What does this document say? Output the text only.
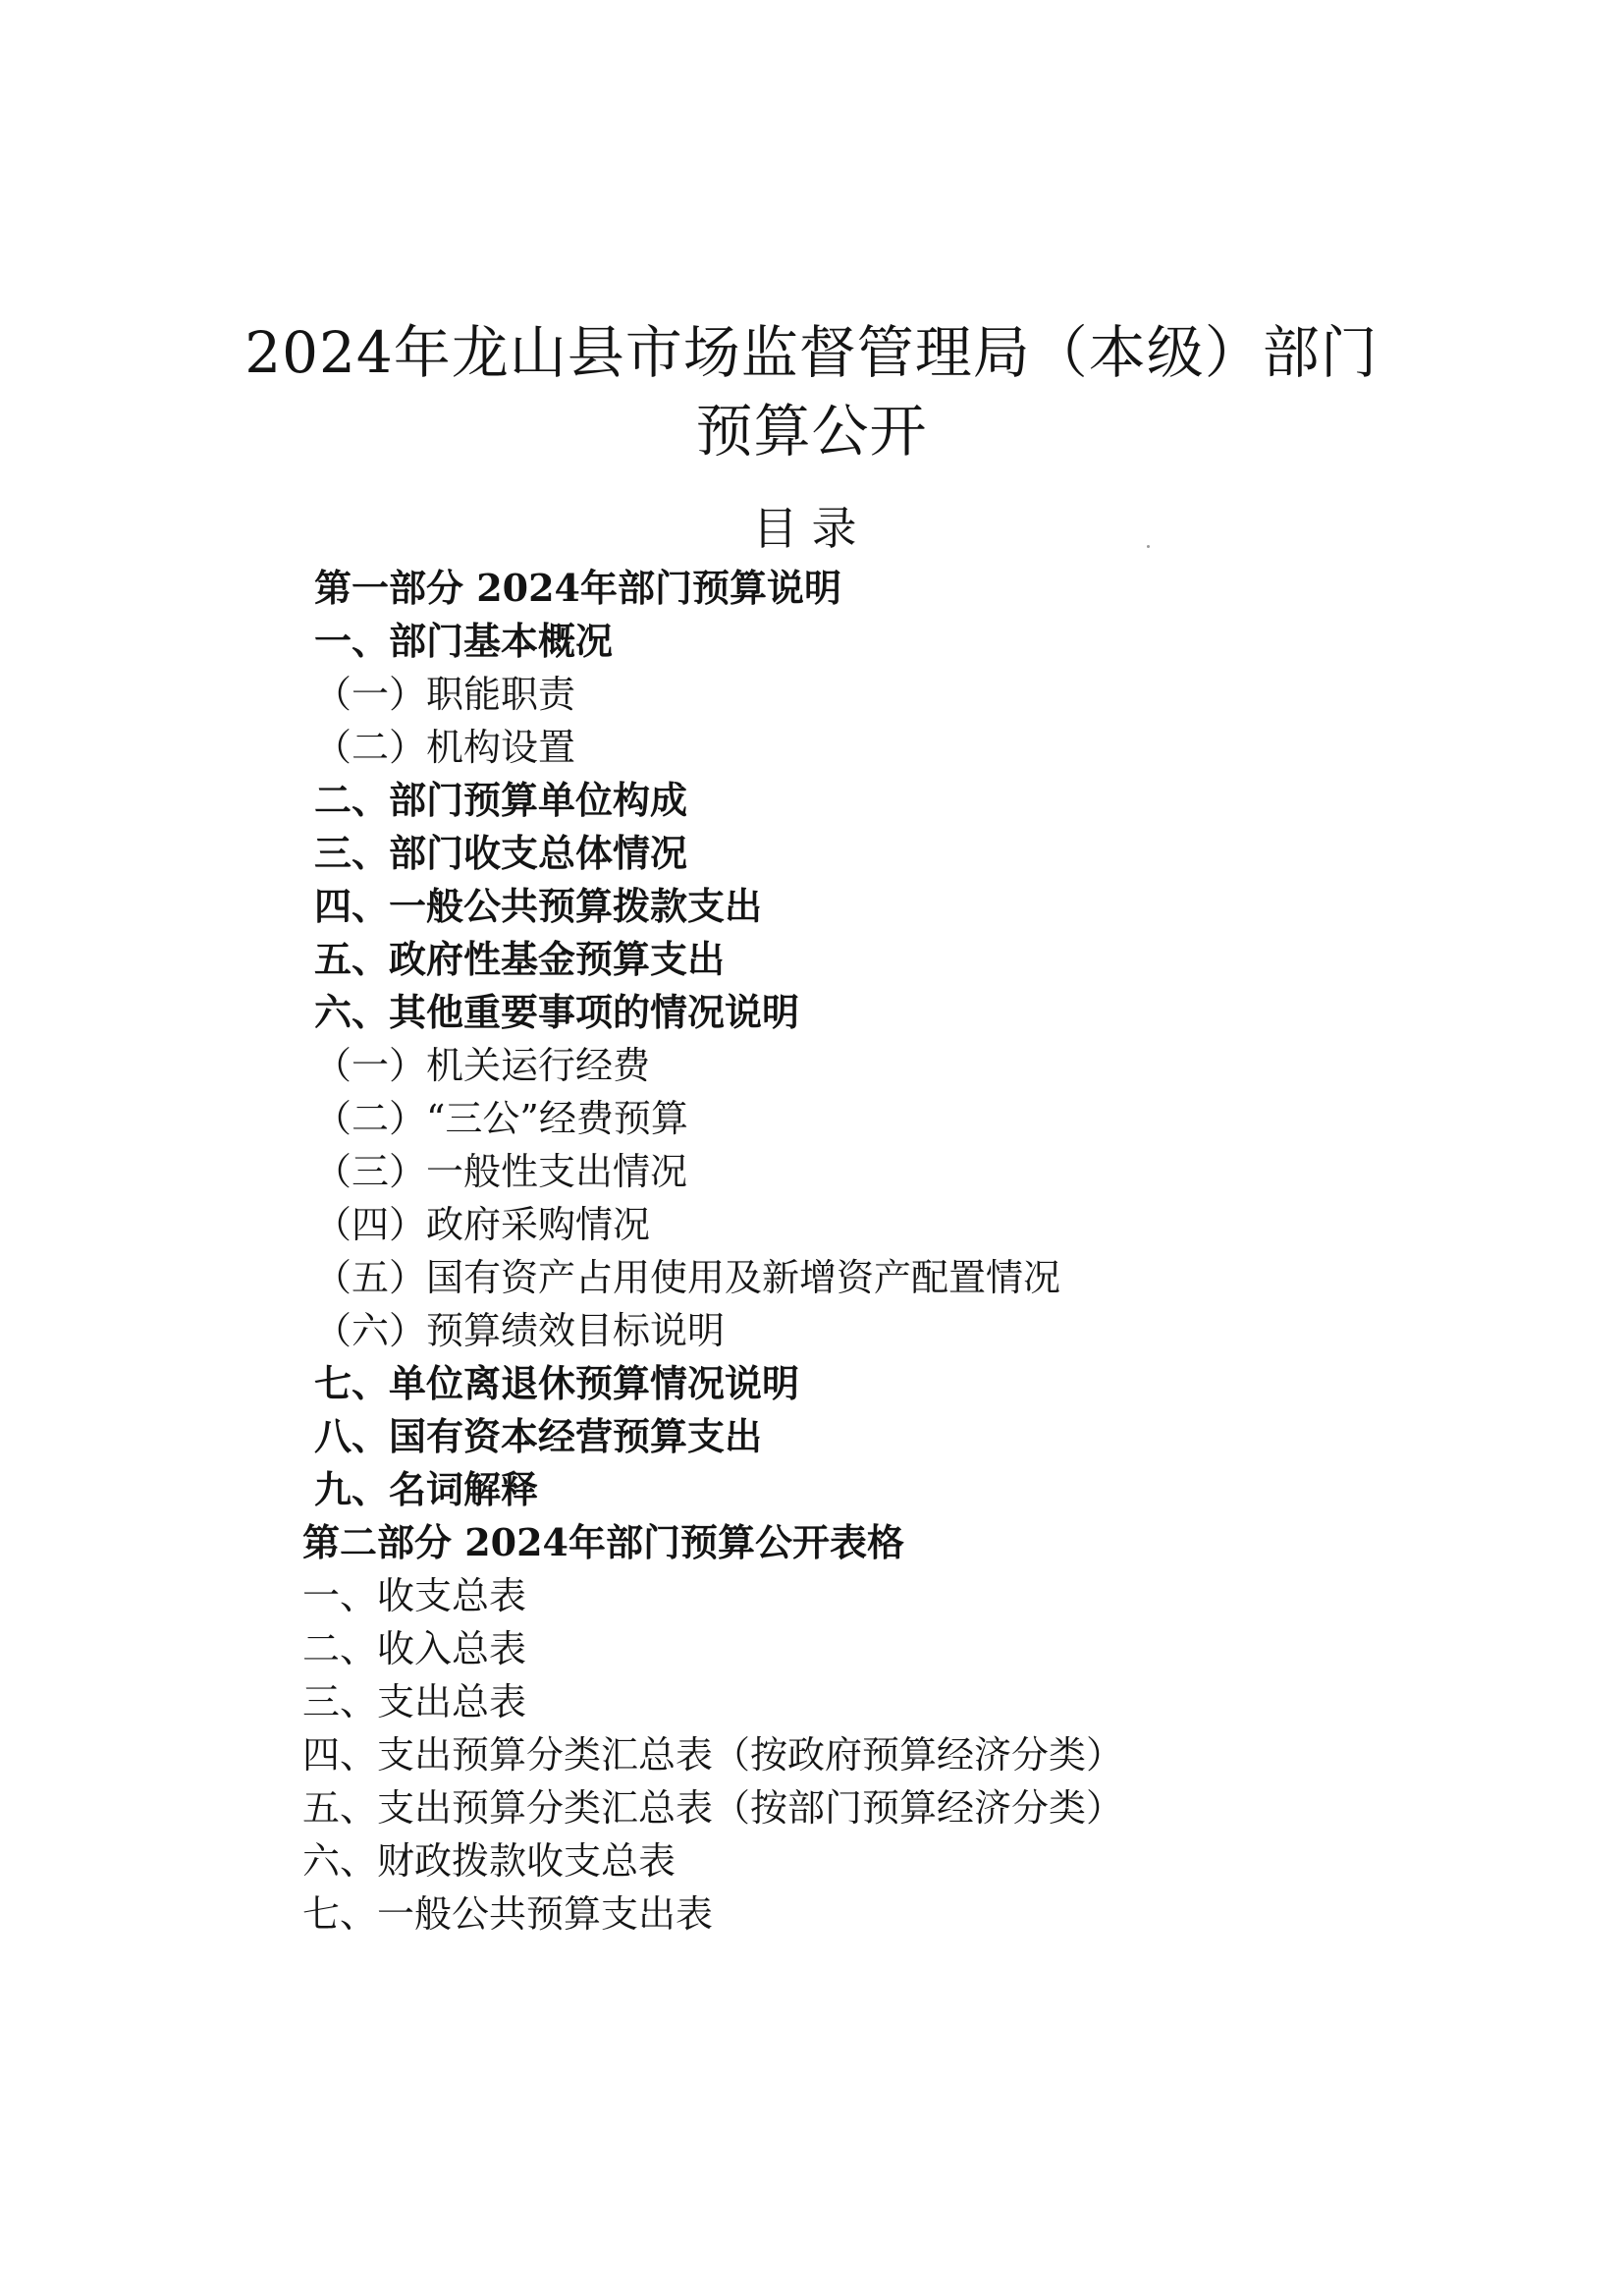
2024年龙山县市场监督管理局（本级）部门
预算公开
目录
第一部分 2024年部门预算说明
一、部门基本概况
（一）职能职责
（二）机构设置
二、部门预算单位构成
三、部门收支总体情况
四、一般公共预算拨款支出
五、政府性基金预算支出
六、其他重要事项的情况说明
（一）机关运行经费
（二）“三公”经费预算
（三）一般性支出情况
（四）政府采购情况
（五）国有资产占用使用及新增资产配置情况
（六）预算绩效目标说明
七、单位离退休预算情况说明
八、国有资本经营预算支出
九、名词解释
第二部分 2024年部门预算公开表格
一、收支总表
二、收入总表
三、支出总表
四、支出预算分类汇总表（按政府预算经济分类）
五、支出预算分类汇总表（按部门预算经济分类）
六、财政拨款收支总表
七、一般公共预算支出表
